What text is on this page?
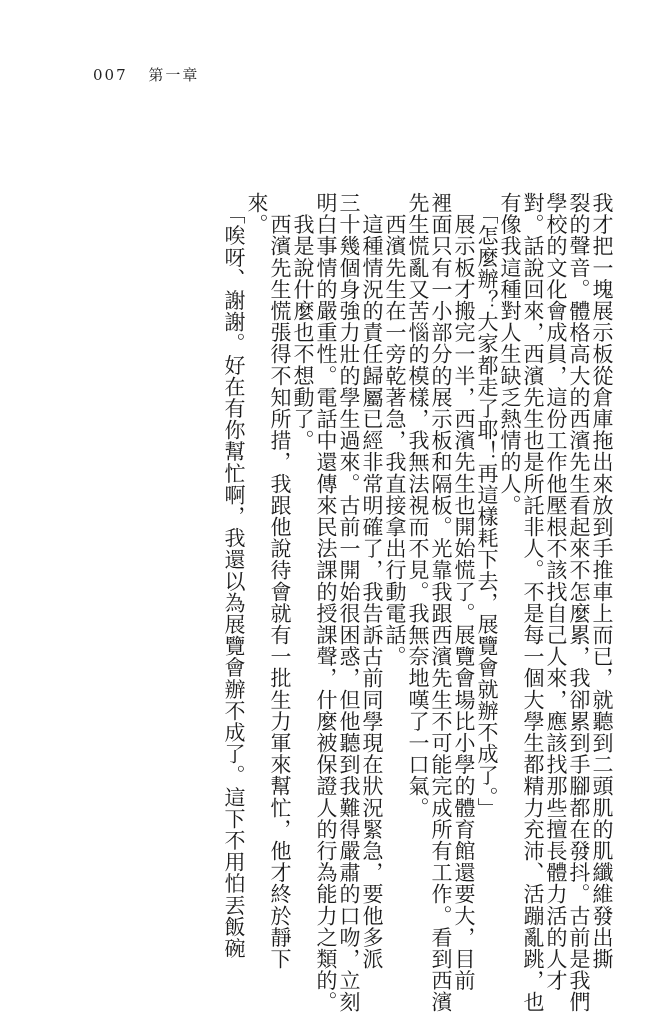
007 第一章
我才把一塊展示板從倉庫拖出來放到手推車上而已，就聽到二頭肌的肌纖維發出撕
裂的聲音。體格高大的西濱先生看起來不怎麼累，我卻累到手腳都在發抖。古前是我們
學校的文化會成員，這份工作他壓根不該找自己人來，應該找那些擅長體力活的人才
對。話說回來，西濱先生也是所託非人。不是每一個大學生都精力充沛、活蹦亂跳，也
有像我這種對人生缺乏熱情的人。
　「怎麼辦？大家都走了耶！再這樣耗下去，展覽會就辦不成了。」
　展示板才搬完一半，西濱先生也開始慌了。展覽會場比小學的體育館還要大，目前
裡面只有一小部分的展示板和隔板。光靠我跟西濱先生不可能完成所有工作。看到西濱
先生慌亂又苦惱的模樣，我無法視而不見。我無奈地嘆了一口氣。
　西濱先生在一旁乾著急，我直接拿出行動電話。
　這種情況的責任歸屬已經非常明確了，我告訴古前同學現在狀況緊急，要他多派
三十幾個身強力壯的學生過來。古前一開始很困惑，但他聽到我難得嚴肅的口吻，立刻
明白事情的嚴重性。電話中還傳來民法課的授課聲，什麼被保證人的行為能力之類的。
　我是說什麼也不想動了。
　西濱先生慌張得不知所措，我跟他說待會就有一批生力軍來幫忙，他才終於靜下
來。
　「唉呀、謝謝。好在有你幫忙啊，我還以為展覽會辦不成了。這下不用怕丟飯碗
